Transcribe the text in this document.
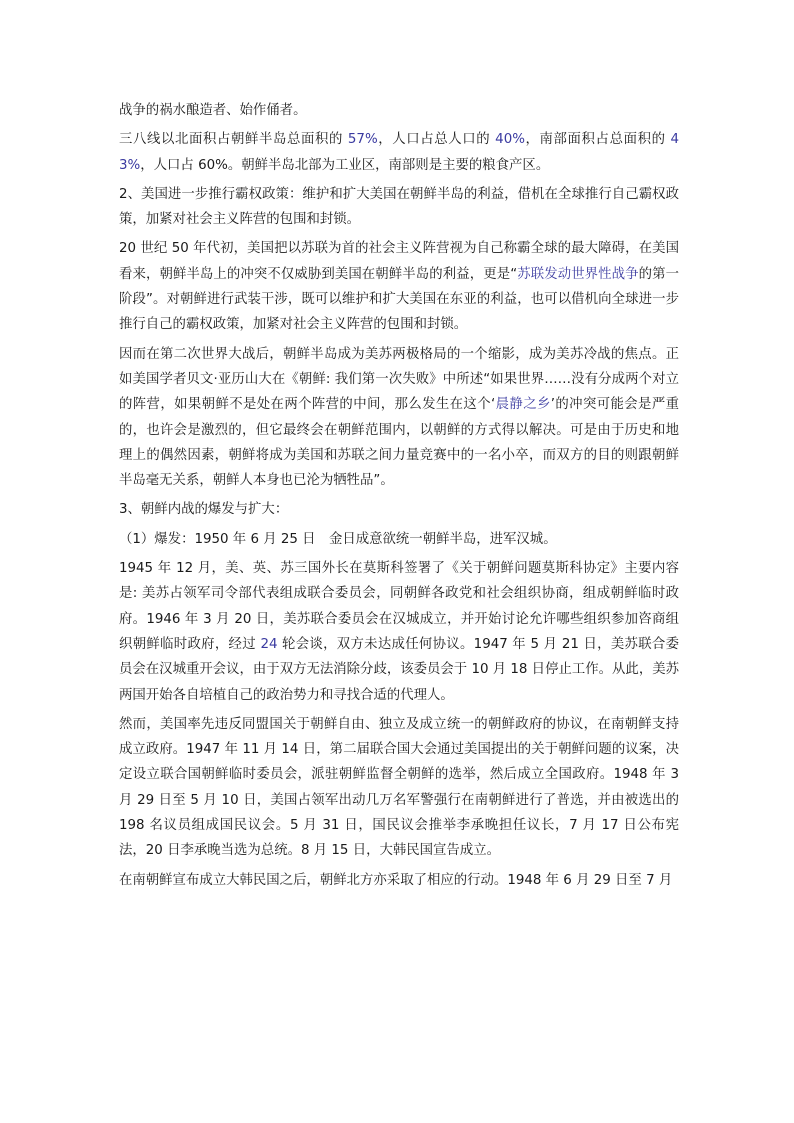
战争的祸水酿造者、始作俑者。

三八线以北面积占朝鲜半岛总面积的 57%，人口占总人口的 40%，南部面积占总面积的 43%，人口占 60%。朝鲜半岛北部为工业区，南部则是主要的粮食产区。

2、美国进一步推行霸权政策：维护和扩大美国在朝鲜半岛的利益，借机在全球推行自己霸权政策，加紧对社会主义阵营的包围和封锁。

20 世纪 50 年代初，美国把以苏联为首的社会主义阵营视为自己称霸全球的最大障碍，在美国看来，朝鲜半岛上的冲突不仅威胁到美国在朝鲜半岛的利益，更是“苏联发动世界性战争的第一阶段”。对朝鲜进行武装干涉，既可以维护和扩大美国在东亚的利益，也可以借机向全球进一步推行自己的霸权政策，加紧对社会主义阵营的包围和封锁。

因而在第二次世界大战后，朝鲜半岛成为美苏两极格局的一个缩影，成为美苏冷战的焦点。正如美国学者贝文·亚历山大在《朝鲜: 我们第一次失败》中所述“如果世界……没有分成两个对立的阵营，如果朝鲜不是处在两个阵营的中间，那么发生在这个‘晨静之乡’的冲突可能会是严重的，也许会是激烈的，但它最终会在朝鲜范围内，以朝鲜的方式得以解决。可是由于历史和地理上的偶然因素，朝鲜将成为美国和苏联之间力量竞赛中的一名小卒，而双方的目的则跟朝鲜半岛毫无关系，朝鲜人本身也已沦为牺牲品”。

3、朝鲜内战的爆发与扩大：

（1）爆发：1950 年 6 月 25 日　金日成意欲统一朝鲜半岛，进军汉城。

1945 年 12 月，美、英、苏三国外长在莫斯科签署了《关于朝鲜问题莫斯科协定》主要内容是: 美苏占领军司令部代表组成联合委员会，同朝鲜各政党和社会组织协商，组成朝鲜临时政府。1946 年 3 月 20 日，美苏联合委员会在汉城成立，并开始讨论允许哪些组织参加咨商组织朝鲜临时政府，经过 24 轮会谈，双方未达成任何协议。1947 年 5 月 21 日，美苏联合委员会在汉城重开会议，由于双方无法消除分歧，该委员会于 10 月 18 日停止工作。从此，美苏两国开始各自培植自己的政治势力和寻找合适的代理人。

然而，美国率先违反同盟国关于朝鲜自由、独立及成立统一的朝鲜政府的协议，在南朝鲜支持成立政府。1947 年 11 月 14 日，第二届联合国大会通过美国提出的关于朝鲜问题的议案，决定设立联合国朝鲜临时委员会，派驻朝鲜监督全朝鲜的选举，然后成立全国政府。1948 年 3 月 29 日至 5 月 10 日，美国占领军出动几万名军警强行在南朝鲜进行了普选，并由被选出的 198 名议员组成国民议会。5 月 31 日，国民议会推举李承晚担任议长，7 月 17 日公布宪法，20 日李承晚当选为总统。8 月 15 日，大韩民国宣告成立。

在南朝鲜宣布成立大韩民国之后，朝鲜北方亦采取了相应的行动。1948 年 6 月 29 日至 7 月
